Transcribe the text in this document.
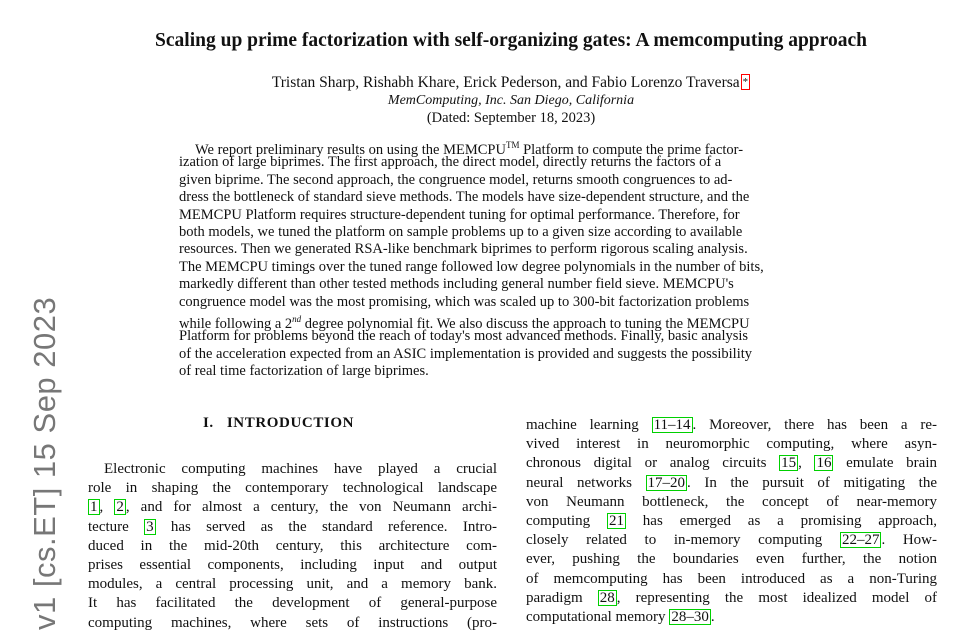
v1 [cs.ET] 15 Sep 2023
Scaling up prime factorization with self-organizing gates: A memcomputing approach
Tristan Sharp, Rishabh Khare, Erick Pederson, and Fabio Lorenzo Traversa *
MemComputing, Inc. San Diego, California
(Dated: September 18, 2023)
We report preliminary results on using the MEMCPU™ Platform to compute the prime factor-
ization of large biprimes. The first approach, the direct model, directly returns the factors of a
given biprime. The second approach, the congruence model, returns smooth congruences to ad-
dress the bottleneck of standard sieve methods. The models have size-dependent structure, and the
MEMCPU Platform requires structure-dependent tuning for optimal performance. Therefore, for
both models, we tuned the platform on sample problems up to a given size according to available
resources. Then we generated RSA-like benchmark biprimes to perform rigorous scaling analysis.
The MEMCPU timings over the tuned range followed low degree polynomials in the number of bits,
markedly different than other tested methods including general number field sieve. MEMCPU's
congruence model was the most promising, which was scaled up to 300-bit factorization problems
while following a 2nd degree polynomial fit. We also discuss the approach to tuning the MEMCPU
Platform for problems beyond the reach of today's most advanced methods. Finally, basic analysis
of the acceleration expected from an ASIC implementation is provided and suggests the possibility
of real time factorization of large biprimes.
I. INTRODUCTION
Electronic computing machines have played a crucial
role in shaping the contemporary technological landscape
1 , 2 , and for almost a century, the von Neumann archi-
tecture 3 has served as the standard reference. Intro-
duced in the mid-20th century, this architecture com-
prises essential components, including input and output
modules, a central processing unit, and a memory bank.
It has facilitated the development of general-purpose
computing machines, where sets of instructions (pro-
machine learning 11–14 . Moreover, there has been a re-
vived interest in neuromorphic computing, where asyn-
chronous digital or analog circuits 15 , 16 emulate brain
neural networks 17–20 . In the pursuit of mitigating the
von Neumann bottleneck, the concept of near-memory
computing 21 has emerged as a promising approach,
closely related to in-memory computing 22–27 . How-
ever, pushing the boundaries even further, the notion
of memcomputing has been introduced as a non-Turing
paradigm 28 , representing the most idealized model of
computational memory 28–30 .
